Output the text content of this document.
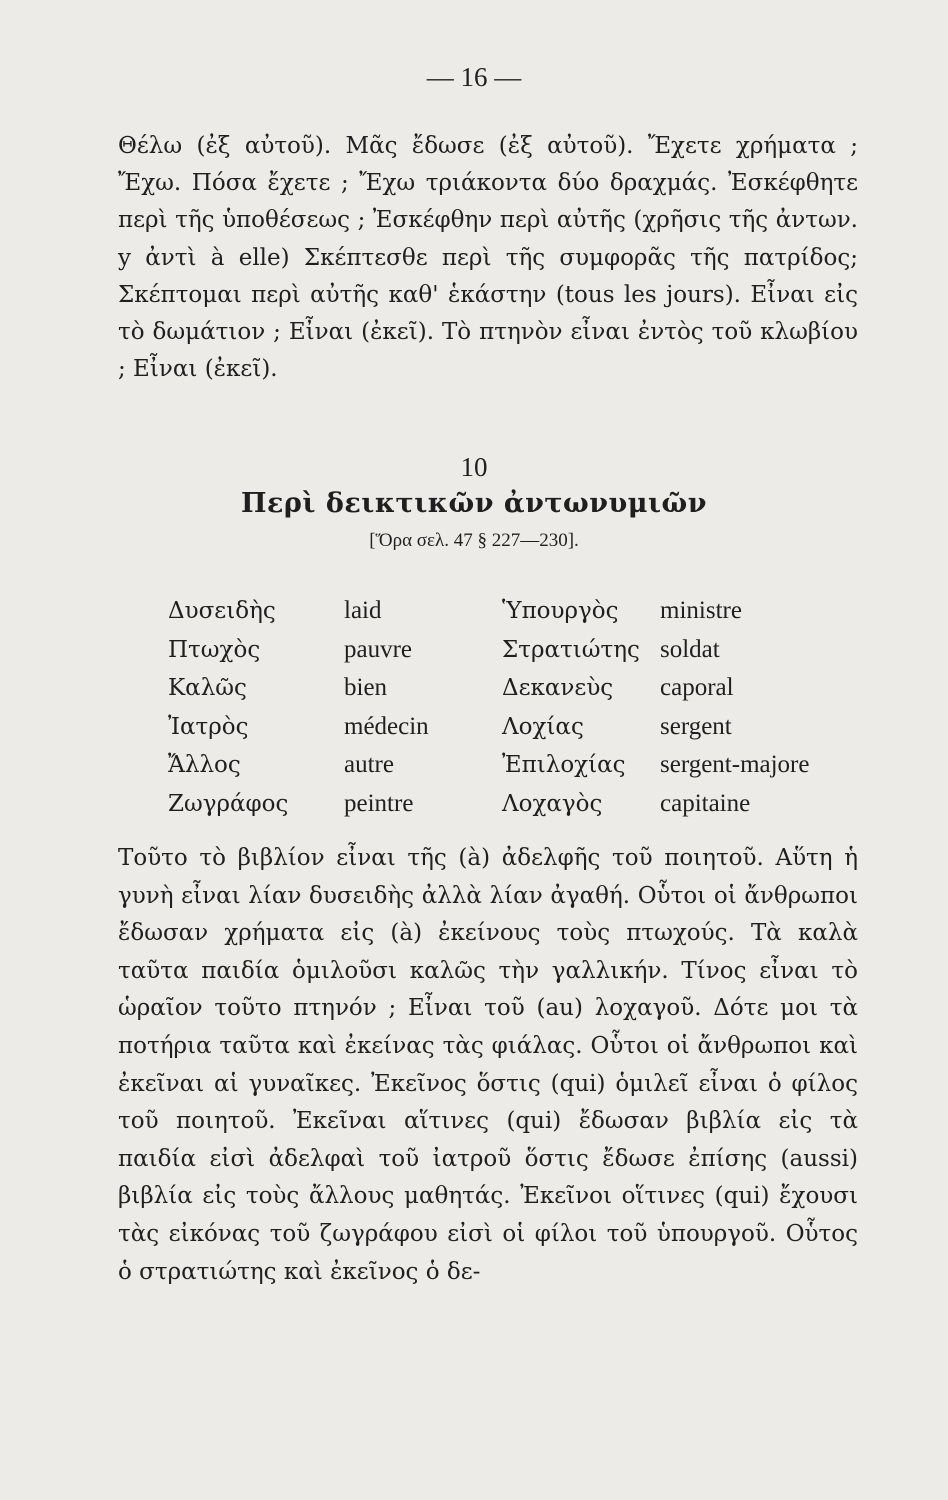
— 16 —

Θέλω (ἐξ αὐτοῦ). Μᾶς ἔδωσε (ἐξ αὐτοῦ). Ἔχετε χρήματα ; Ἔχω. Πόσα ἔχετε ; Ἔχω τριάκοντα δύο δραχμάς. Ἐσκέφθητε περὶ τῆς ὑποθέσεως ; Ἐσκέφθην περὶ αὐτῆς (χρῆσις τῆς ἀντων. y ἀντὶ à elle) Σκέπτεσθε περὶ τῆς συμφορᾶς τῆς πατρίδος; Σκέπτομαι περὶ αὐτῆς καθ' ἑκάστην (tous les jours). Εἶναι εἰς τὸ δωμάτιον ; Εἶναι (ἐκεῖ). Τὸ πτηνὸν εἶναι ἐντὸς τοῦ κλωβίου ; Εἶναι (ἐκεῖ).

10
Περὶ δεικτικῶν ἀντωνυμιῶν
[Ὅρα σελ. 47 § 227—230].
Δυσειδὴς	laid	Ὑπουργὸς	ministre
Πτωχὸς	pauvre	Στρατιώτης soldat
Καλῶς	bien	Δεκανεὺς	caporal
Ἰατρὸς	médecin	Λοχίας	sergent
Ἄλλος	autre	Ἐπιλοχίας	sergent-majore
Ζωγράφος	peintre	Λοχαγὸς	capitaine

Τοῦτο τὸ βιβλίον εἶναι τῆς (à) ἀδελφῆς τοῦ ποιητοῦ. Αὕτη ἡ γυνὴ εἶναι λίαν δυσειδὴς ἀλλὰ λίαν ἀγαθή. Οὗτοι οἱ ἄνθρωποι ἔδωσαν χρήματα εἰς (à) ἐκείνους τοὺς πτωχούς. Τὰ καλὰ ταῦτα παιδία ὁμιλοῦσι καλῶς τὴν γαλλικήν. Τίνος εἶναι τὸ ὡραῖον τοῦτο πτηνόν ; Εἶναι τοῦ (au) λοχαγοῦ. Δότε μοι τὰ ποτήρια ταῦτα καὶ ἐκείνας τὰς φιάλας. Οὗτοι οἱ ἄνθρωποι καὶ ἐκεῖναι αἱ γυναῖκες. Ἐκεῖνος ὅστις (qui) ὁμιλεῖ εἶναι ὁ φίλος τοῦ ποιητοῦ. Ἐκεῖναι αἵτινες (qui) ἔδωσαν βιβλία εἰς τὰ παιδία εἰσὶ ἀδελφαὶ τοῦ ἰατροῦ ὅστις ἔδωσε ἐπίσης (aussi) βιβλία εἰς τοὺς ἄλλους μαθητάς. Ἐκεῖνοι οἵτινες (qui) ἔχουσι τὰς εἰκόνας τοῦ ζωγράφου εἰσὶ οἱ φίλοι τοῦ ὑπουργοῦ. Οὗτος ὁ στρατιώτης καὶ ἐκεῖνος ὁ δε-
